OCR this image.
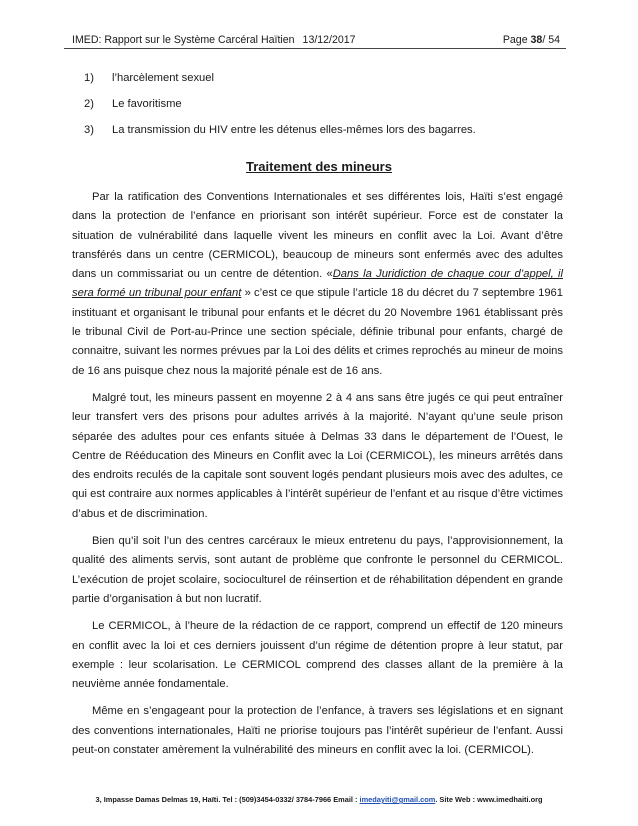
IMED: Rapport sur le Système Carcéral Haïtien 13/12/2017	Page 38/ 54
1) l’harcèlement sexuel
2) Le favoritisme
3) La transmission du HIV entre les détenus elles-mêmes lors des bagarres.
Traitement des mineurs

Par la ratification des Conventions Internationales et ses différentes lois, Haïti s’est engagé dans la protection de l’enfance en priorisant son intérêt supérieur. Force est de constater la situation de vulnérabilité dans laquelle vivent les mineurs en conflit avec la Loi. Avant d’être transférés dans un centre (CERMICOL), beaucoup de mineurs sont enfermés avec des adultes dans un commissariat ou un centre de détention. «Dans la Juridiction de chaque cour d’appel, il sera formé un tribunal pour enfant » c’est ce que stipule l’article 18 du décret du 7 septembre 1961 instituant et organisant le tribunal pour enfants et le décret du 20 Novembre 1961 établissant près le tribunal Civil de Port-au-Prince une section spéciale, définie tribunal pour enfants, chargé de connaitre, suivant les normes prévues par la Loi des délits et crimes reprochés au mineur de moins de 16 ans puisque chez nous la majorité pénale est de 16 ans.

Malgré tout, les mineurs passent en moyenne 2 à 4 ans sans être jugés ce qui peut entraîner leur transfert vers des prisons pour adultes arrivés à la majorité. N’ayant qu’une seule prison séparée des adultes pour ces enfants située à Delmas 33 dans le département de l’Ouest, le Centre de Rééducation des Mineurs en Conflit avec la Loi (CERMICOL), les mineurs arrêtés dans des endroits reculés de la capitale sont souvent logés pendant plusieurs mois avec des adultes, ce qui est contraire aux normes applicables à l’intérêt supérieur de l’enfant et au risque d’être victimes d’abus et de discrimination.

Bien qu’il soit l’un des centres carcéraux le mieux entretenu du pays, l’approvisionnement, la qualité des aliments servis, sont autant de problème que confronte le personnel du CERMICOL. L’exécution de projet scolaire, socioculturel de réinsertion et de réhabilitation dépendent en grande partie d’organisation à but non lucratif.

Le CERMICOL, à l’heure de la rédaction de ce rapport, comprend un effectif de 120 mineurs en conflit avec la loi et ces derniers jouissent d’un régime de détention propre à leur statut, par exemple : leur scolarisation. Le CERMICOL comprend des classes allant de la première à la neuvième année fondamentale.

Même en s’engageant pour la protection de l’enfance, à travers ses législations et en signant des conventions internationales, Haïti ne priorise toujours pas l’intérêt supérieur de l’enfant. Aussi peut-on constater amèrement la vulnérabilité des mineurs en conflit avec la loi. (CERMICOL).

3, Impasse Damas Delmas 19, Haïti. Tel : (509)3454-0332/ 3784-7966 Email : imedayiti@gmail.com. Site Web : www.imedhaiti.org
